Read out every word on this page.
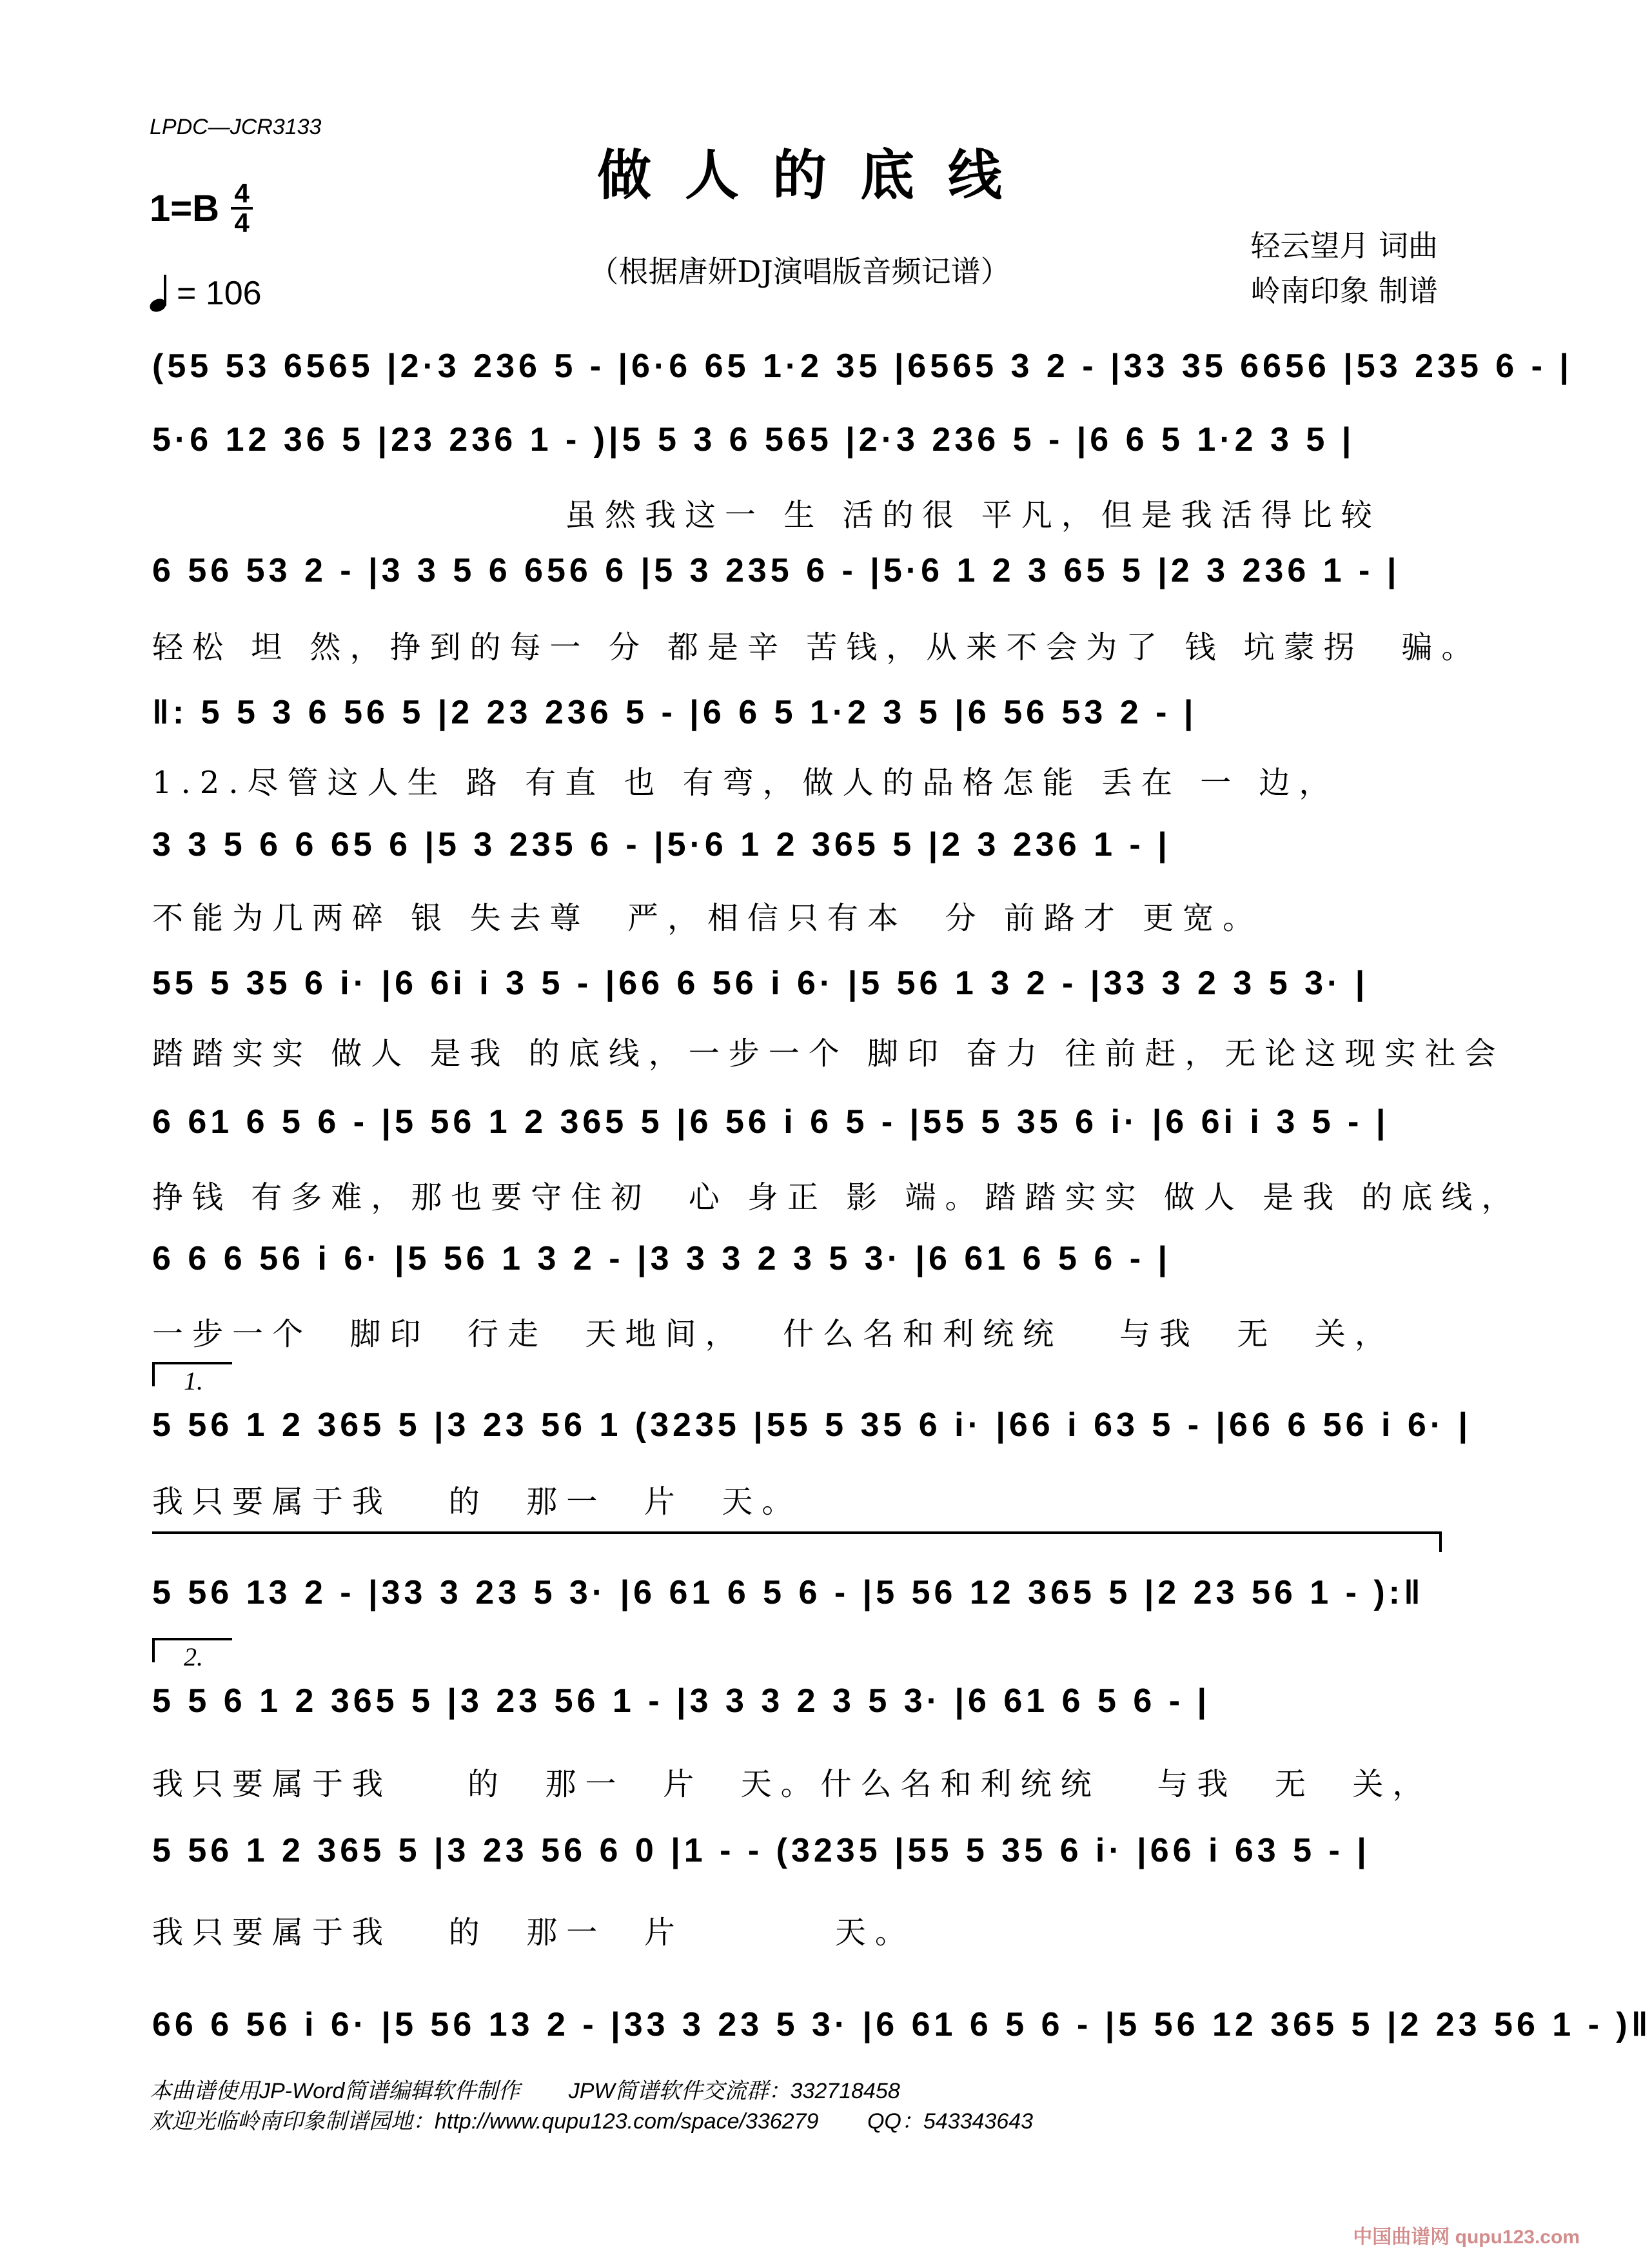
LPDC—JCR3133
做人的底线
$1=B \frac{4}{4}$
= 106
（根据唐妍DJ演唱版音频记谱）
轻云望月 词曲
岭南印象 制谱
(55 53 6565 |2·3 236 5 - |6·6 65 1·2 35 |6565 3 2 - |33 35 6656 |53 235 6 - |
5·6 12 36 5 |23 236 1 - )|5 5 3 6 565 |2·3 236 5 - |6 6 5 1·2 3 5 |
虽然我这一 生 活的很 平凡，但是我活得比较
6 56 53 2 - |3 3 5 6 656 6 |5 3 235 6 - |5·6 1 2 3 65 5 |2 3 236 1 - |
轻松 坦 然，挣到的每一 分 都是辛 苦钱，从来不会为了 钱 坑蒙拐  骗。
‖: 5 5 3 6 56 5 |2 23 236 5 - |6 6 5 1·2 3 5 |6 56 53 2 - |
1.2.尽管这人生 路 有直 也 有弯，做人的品格怎能 丢在 一 边，
3 3 5 6 6 65 6 |5 3 235 6 - |5·6 1 2 365 5 |2 3 236 1 - |
不能为几两碎 银 失去尊  严，相信只有本  分 前路才 更宽。
55 5 35 6 i· |6 6i i 3 5 - |66 6 56 i 6· |5 56 1 3 2 - |33 3 2 3 5 3· |
踏踏实实 做人 是我 的底线，一步一个 脚印 奋力 往前赶，无论这现实社会
6 61 6 5 6 - |5 56 1 2 365 5 |6 56 i 6 5 - |55 5 35 6 i· |6 6i i 3 5 - |
挣钱 有多难，那也要守住初  心 身正 影 端。踏踏实实 做人 是我 的底线，
6 6 6 56 i 6· |5 56 1 3 2 - |3 3 3 2 3 5 3· |6 61 6 5 6 - |
一步一个  脚印  行走  天地间，  什么名和利统统   与我  无  关，
1.
5 56 1 2 365 5 |3 23 56 1 (3235 |55 5 35 6 i· |66 i 63 5 - |66 6 56 i 6· |
我只要属于我   的  那一  片  天。
5 56 13 2 - |33 3 23 5 3· |6 61 6 5 6 - |5 56 12 365 5 |2 23 56 1 - ):‖
2.
5 5 6 1 2 365 5 |3 23 56 1 - |3 3 3 2 3 5 3· |6 61 6 5 6 - |
我只要属于我    的  那一  片  天。什么名和利统统   与我  无  关，
5 56 1 2 365 5 |3 23 56 6 0 |1 - - (3235 |55 5 35 6 i· |66 i 63 5 - |
我只要属于我   的  那一  片        天。
66 6 56 i 6· |5 56 13 2 - |33 3 23 5 3· |6 61 6 5 6 - |5 56 12 365 5 |2 23 56 1 - )‖
本曲谱使用JP-Word简谱编辑软件制作        JPW简谱软件交流群：332718458
欢迎光临岭南印象制谱园地：http://www.qupu123.com/space/336279        QQ：543343643
中国曲谱网 qupu123.com
